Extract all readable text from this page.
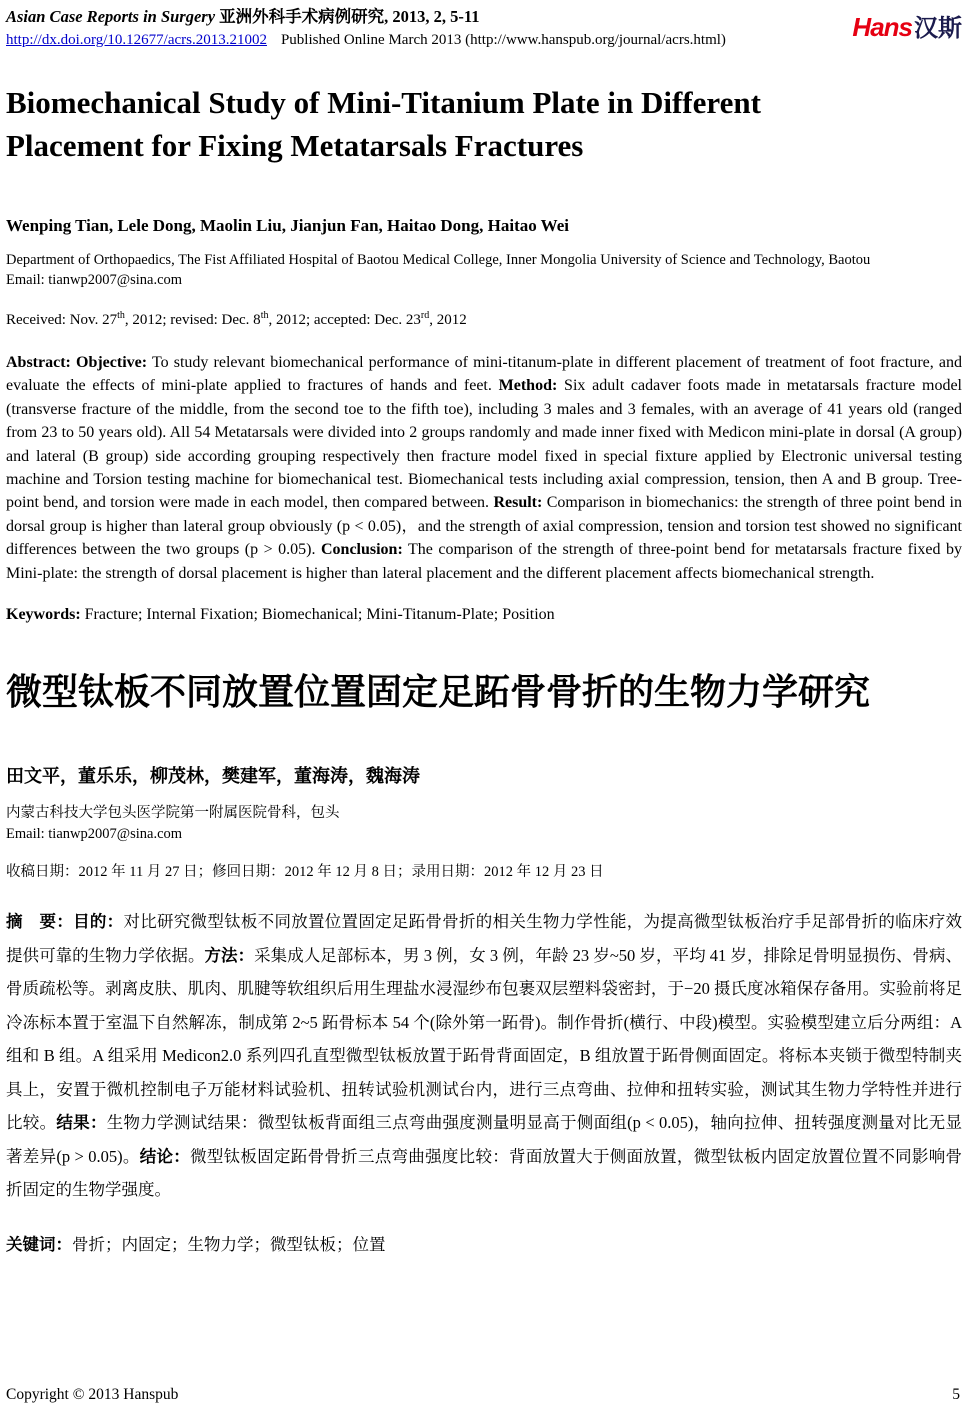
Asian Case Reports in Surgery 亚洲外科手术病例研究, 2013, 2, 5-11
http://dx.doi.org/10.12677/acrs.2013.21002 Published Online March 2013 (http://www.hanspub.org/journal/acrs.html)	Hans汉斯
Biomechanical Study of Mini-Titanium Plate in Different Placement for Fixing Metatarsals Fractures
Wenping Tian, Lele Dong, Maolin Liu, Jianjun Fan, Haitao Dong, Haitao Wei
Department of Orthopaedics, The Fist Affiliated Hospital of Baotou Medical College, Inner Mongolia University of Science and Technology, Baotou
Email: tianwp2007@sina.com
Received: Nov. 27th, 2012; revised: Dec. 8th, 2012; accepted: Dec. 23rd, 2012

Abstract: Objective: To study relevant biomechanical performance of mini-titanum-plate in different placement of treatment of foot fracture, and evaluate the effects of mini-plate applied to fractures of hands and feet. Method: Six adult cadaver foots made in metatarsals fracture model (transverse fracture of the middle, from the second toe to the fifth toe), including 3 males and 3 females, with an average of 41 years old (ranged from 23 to 50 years old). All 54 Metatarsals were divided into 2 groups randomly and made inner fixed with Medicon mini-plate in dorsal (A group) and lateral (B group) side according grouping respectively then fracture model fixed in special fixture applied by Electronic universal testing machine and Torsion testing machine for biomechanical test. Biomechanical tests including axial compression, tension, then A and B group. Tree-point bend, and torsion were made in each model, then compared between. Result: Comparison in biomechanics: the strength of three point bend in dorsal group is higher than lateral group obviously (p < 0.05)，and the strength of axial compression, tension and torsion test showed no significant differences between the two groups (p > 0.05). Conclusion: The comparison of the strength of three-point bend for metatarsals fracture fixed by Mini-plate: the strength of dorsal placement is higher than lateral placement and the different placement affects biomechanical strength.

Keywords: Fracture; Internal Fixation; Biomechanical; Mini-Titanum-Plate; Position

微型钛板不同放置位置固定足跖骨骨折的生物力学研究
田文平，董乐乐，柳茂林，樊建军，董海涛，魏海涛
内蒙古科技大学包头医学院第一附属医院骨科，包头
Email: tianwp2007@sina.com
收稿日期：2012 年 11 月 27 日；修回日期：2012 年 12 月 8 日；录用日期：2012 年 12 月 23 日

摘　要：目的：对比研究微型钛板不同放置位置固定足跖骨骨折的相关生物力学性能，为提高微型钛板治疗手足部骨折的临床疗效提供可靠的生物力学依据。方法：采集成人足部标本，男 3 例，女 3 例，年龄 23 岁~50 岁，平均 41 岁，排除足骨明显损伤、骨病、骨质疏松等。剥离皮肤、肌肉、肌腱等软组织后用生理盐水浸湿纱布包裹双层塑料袋密封，于−20 摄氏度冰箱保存备用。实验前将足冷冻标本置于室温下自然解冻，制成第 2~5 跖骨标本 54 个(除外第一跖骨)。制作骨折(横行、中段)模型。实验模型建立后分两组：A 组和 B 组。A 组采用 Medicon2.0 系列四孔直型微型钛板放置于跖骨背面固定，B 组放置于跖骨侧面固定。将标本夹锁于微型特制夹具上，安置于微机控制电子万能材料试验机、扭转试验机测试台内，进行三点弯曲、拉伸和扭转实验，测试其生物力学特性并进行比较。结果：生物力学测试结果：微型钛板背面组三点弯曲强度测量明显高于侧面组(p < 0.05)，轴向拉伸、扭转强度测量对比无显著差异(p > 0.05)。结论：微型钛板固定跖骨骨折三点弯曲强度比较：背面放置大于侧面放置，微型钛板内固定放置位置不同影响骨折固定的生物学强度。

关键词：骨折；内固定；生物力学；微型钛板；位置

Copyright © 2013 Hanspub	5
